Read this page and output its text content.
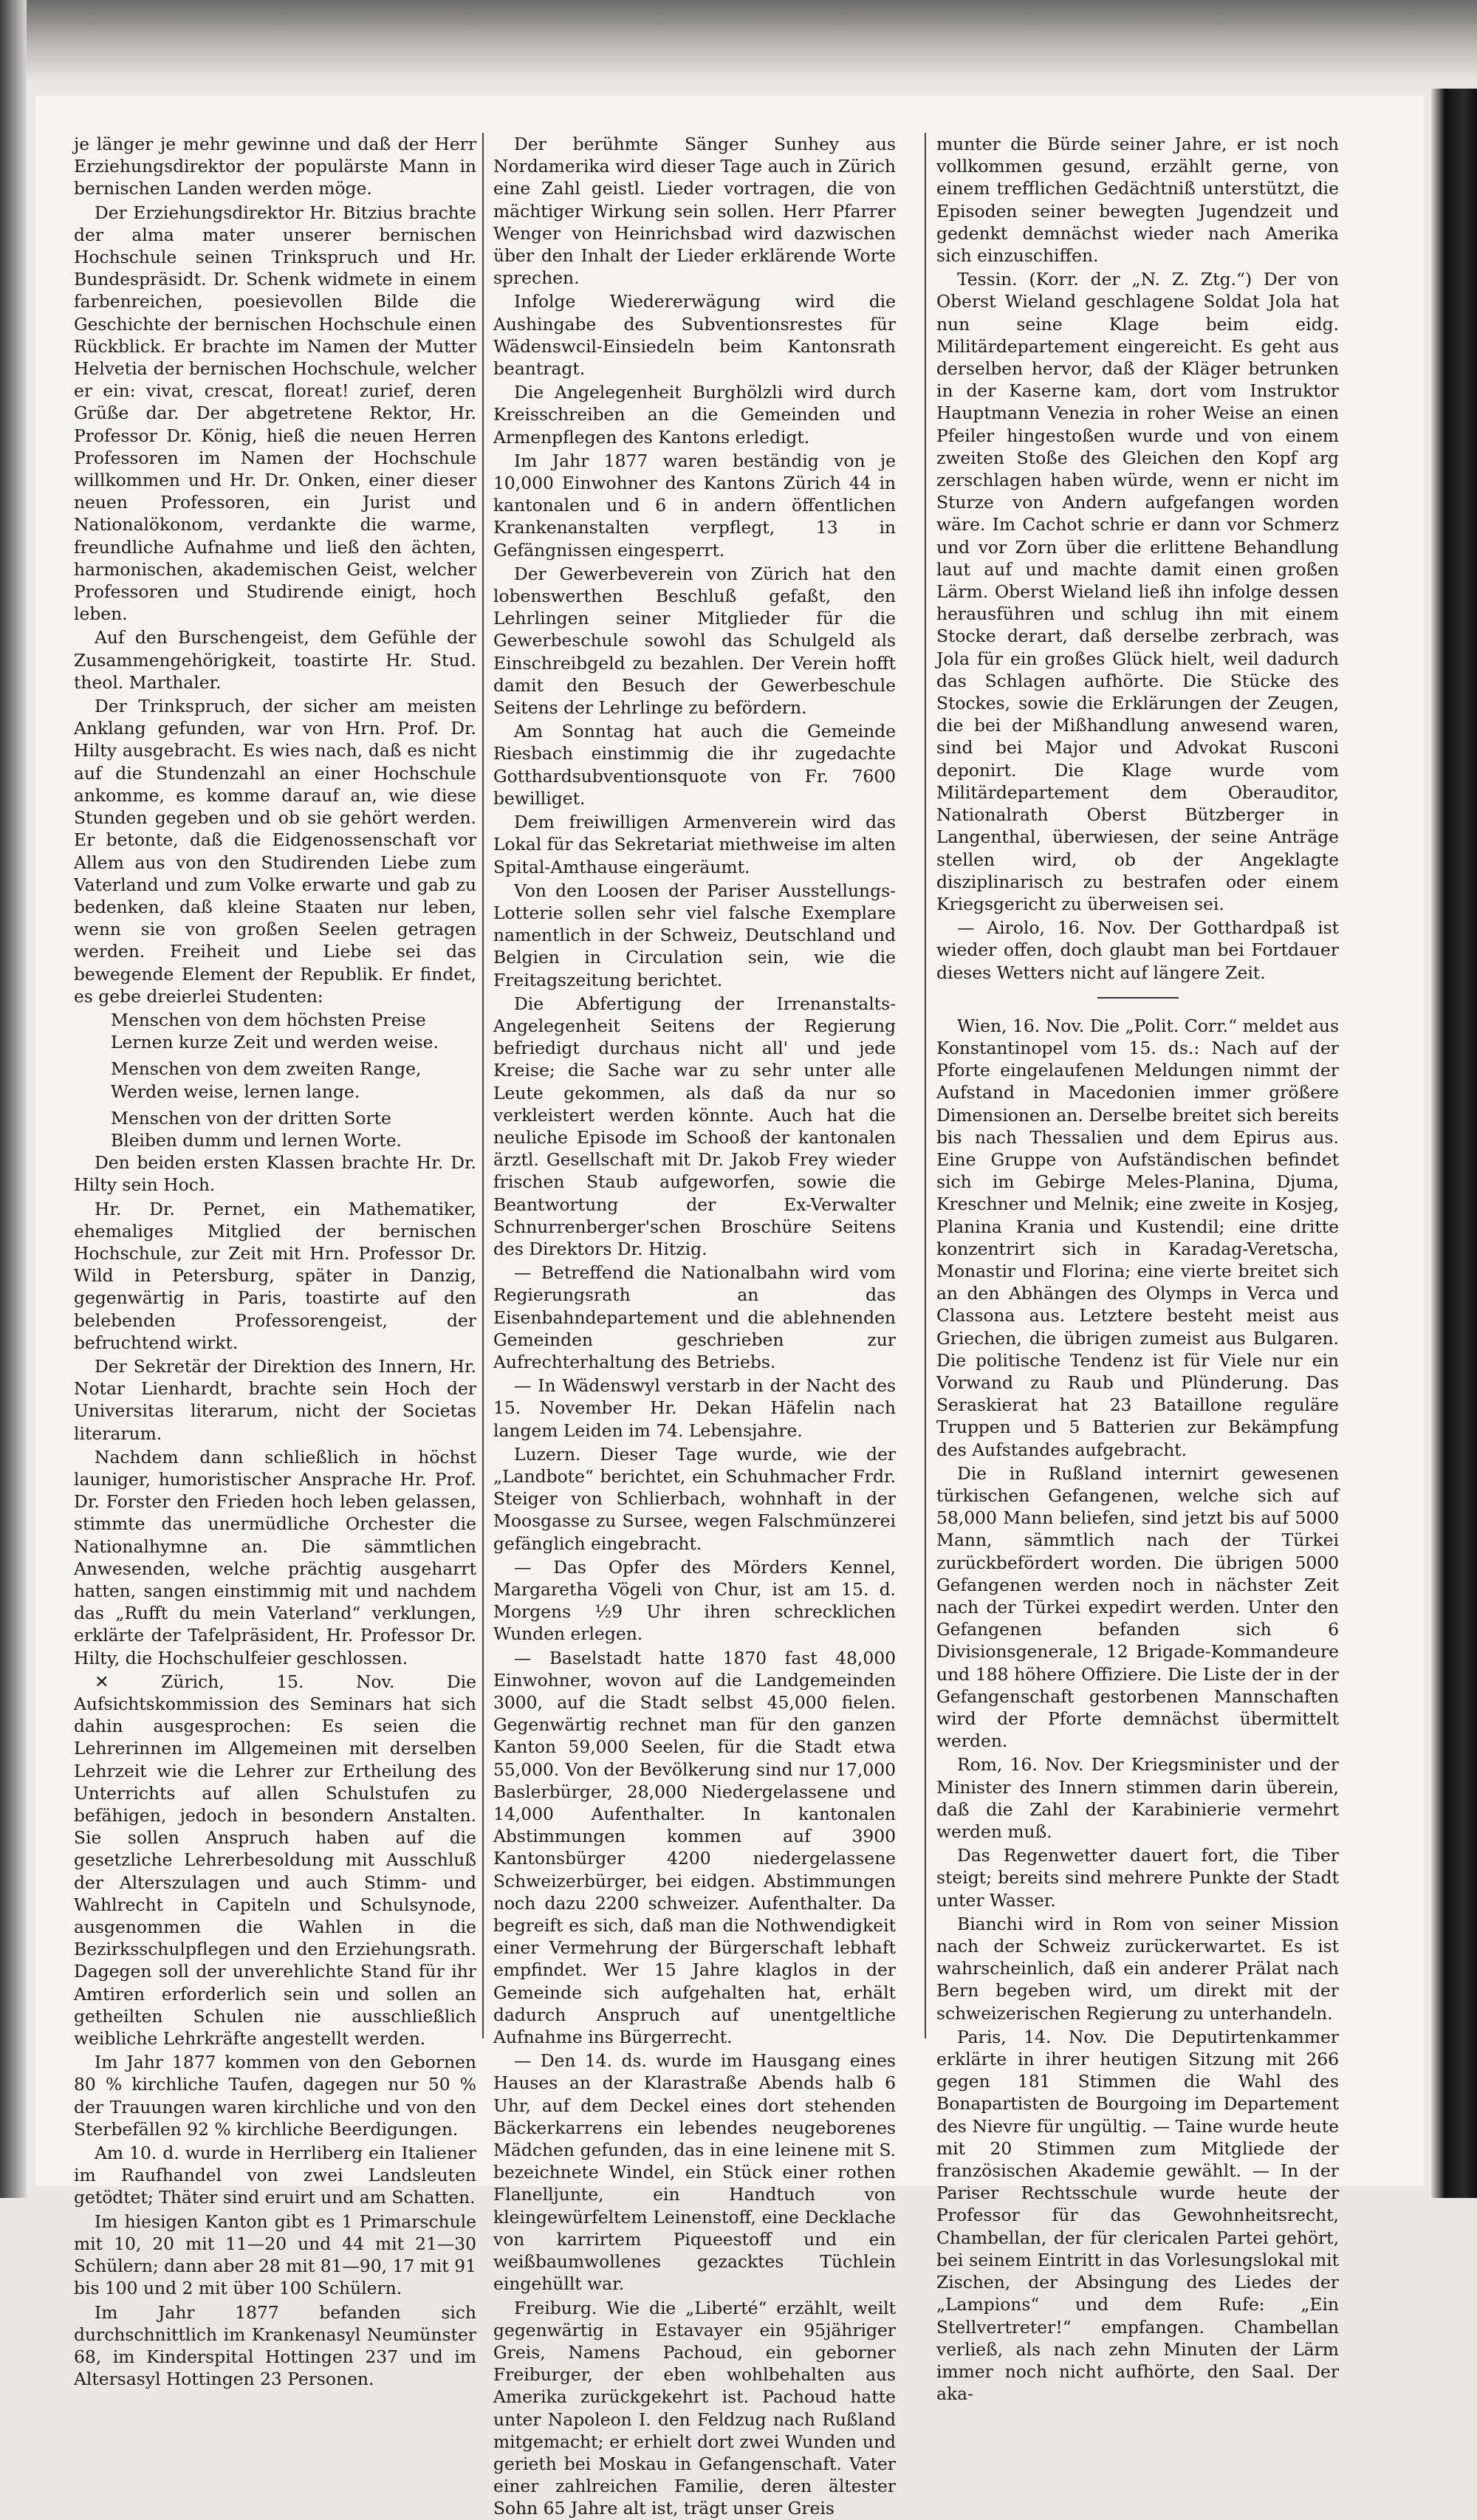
je länger je mehr gewinne und daß der Herr Erziehungsdirektor der populärste Mann in bernischen Landen werden möge.

Der Erziehungsdirektor Hr. Bitzius brachte der alma mater unserer bernischen Hochschule seinen Trinkspruch und Hr. Bundespräsidt. Dr. Schenk widmete in einem farbenreichen, poesievollen Bilde die Geschichte der bernischen Hochschule einen Rückblick. Er brachte im Namen der Mutter Helvetia der bernischen Hochschule, welcher er ein: vivat, crescat, floreat! zurief, deren Grüße dar. Der abgetretene Rektor, Hr. Professor Dr. König, hieß die neuen Herren Professoren im Namen der Hochschule willkommen und Hr. Dr. Onken, einer dieser neuen Professoren, ein Jurist und Nationalökonom, verdankte die warme, freundliche Aufnahme und ließ den ächten, harmonischen, akademischen Geist, welcher Professoren und Studirende einigt, hoch leben.

Auf den Burschengeist, dem Gefühle der Zusammengehörigkeit, toastirte Hr. Stud. theol. Marthaler.

Der Trinkspruch, der sicher am meisten Anklang gefunden, war von Hrn. Prof. Dr. Hilty ausgebracht. Es wies nach, daß es nicht auf die Stundenzahl an einer Hochschule ankomme, es komme darauf an, wie diese Stunden gegeben und ob sie gehört werden. Er betonte, daß die Eidgenossenschaft vor Allem aus von den Studirenden Liebe zum Vaterland und zum Volke erwarte und gab zu bedenken, daß kleine Staaten nur leben, wenn sie von großen Seelen getragen werden. Freiheit und Liebe sei das bewegende Element der Republik. Er findet, es gebe dreierlei Studenten:

Menschen von dem höchsten Preise

Lernen kurze Zeit und werden weise.

Menschen von dem zweiten Range,

Werden weise, lernen lange.

Menschen von der dritten Sorte

Bleiben dumm und lernen Worte.

Den beiden ersten Klassen brachte Hr. Dr. Hilty sein Hoch.

Hr. Dr. Pernet, ein Mathematiker, ehemaliges Mitglied der bernischen Hochschule, zur Zeit mit Hrn. Professor Dr. Wild in Petersburg, später in Danzig, gegenwärtig in Paris, toastirte auf den belebenden Professorengeist, der befruchtend wirkt.

Der Sekretär der Direktion des Innern, Hr. Notar Lienhardt, brachte sein Hoch der Universitas literarum, nicht der Societas literarum.

Nachdem dann schließlich in höchst launiger, humoristischer Ansprache Hr. Prof. Dr. Forster den Frieden hoch leben gelassen, stimmte das unermüdliche Orchester die Nationalhymne an. Die sämmtlichen Anwesenden, welche prächtig ausgeharrt hatten, sangen einstimmig mit und nachdem das „Rufft du mein Vaterland“ verklungen, erklärte der Tafelpräsident, Hr. Professor Dr. Hilty, die Hochschulfeier geschlossen.

✕ Zürich, 15. Nov. Die Aufsichtskommission des Seminars hat sich dahin ausgesprochen: Es seien die Lehrerinnen im Allgemeinen mit derselben Lehrzeit wie die Lehrer zur Ertheilung des Unterrichts auf allen Schulstufen zu befähigen, jedoch in besondern Anstalten. Sie sollen Anspruch haben auf die gesetzliche Lehrerbesoldung mit Ausschluß der Alterszulagen und auch Stimm- und Wahlrecht in Capiteln und Schulsynode, ausgenommen die Wahlen in die Bezirksschulpflegen und den Erziehungsrath. Dagegen soll der unverehlichte Stand für ihr Amtiren erforderlich sein und sollen an getheilten Schulen nie ausschließlich weibliche Lehrkräfte angestellt werden.

Im Jahr 1877 kommen von den Gebornen 80 % kirchliche Taufen, dagegen nur 50 % der Trauungen waren kirchliche und von den Sterbefällen 92 % kirchliche Beerdigungen.

Am 10. d. wurde in Herrliberg ein Italiener im Raufhandel von zwei Landsleuten getödtet; Thäter sind eruirt und am Schatten.

Im hiesigen Kanton gibt es 1 Primarschule mit 10, 20 mit 11—20 und 44 mit 21—30 Schülern; dann aber 28 mit 81—90, 17 mit 91 bis 100 und 2 mit über 100 Schülern.

Im Jahr 1877 befanden sich durchschnittlich im Krankenasyl Neumünster 68, im Kinderspital Hottingen 237 und im Altersasyl Hottingen 23 Personen.

Der berühmte Sänger Sunhey aus Nordamerika wird dieser Tage auch in Zürich eine Zahl geistl. Lieder vortragen, die von mächtiger Wirkung sein sollen. Herr Pfarrer Wenger von Heinrichsbad wird dazwischen über den Inhalt der Lieder erklärende Worte sprechen.

Infolge Wiedererwägung wird die Aushingabe des Subventionsrestes für Wädenswcil-Einsiedeln beim Kantonsrath beantragt.

Die Angelegenheit Burghölzli wird durch Kreisschreiben an die Gemeinden und Armenpflegen des Kantons erledigt.

Im Jahr 1877 waren beständig von je 10,000 Einwohner des Kantons Zürich 44 in kantonalen und 6 in andern öffentlichen Krankenanstalten verpflegt, 13 in Gefängnissen eingesperrt.

Der Gewerbeverein von Zürich hat den lobenswerthen Beschluß gefaßt, den Lehrlingen seiner Mitglieder für die Gewerbeschule sowohl das Schulgeld als Einschreibgeld zu bezahlen. Der Verein hofft damit den Besuch der Gewerbeschule Seitens der Lehrlinge zu befördern.

Am Sonntag hat auch die Gemeinde Riesbach einstimmig die ihr zugedachte Gotthardsubventionsquote von Fr. 7600 bewilliget.

Dem freiwilligen Armenverein wird das Lokal für das Sekretariat miethweise im alten Spital-Amthause eingeräumt.

Von den Loosen der Pariser Ausstellungs-Lotterie sollen sehr viel falsche Exemplare namentlich in der Schweiz, Deutschland und Belgien in Circulation sein, wie die Freitagszeitung berichtet.

Die Abfertigung der Irrenanstalts-Angelegenheit Seitens der Regierung befriedigt durchaus nicht all' und jede Kreise; die Sache war zu sehr unter alle Leute gekommen, als daß da nur so verkleistert werden könnte. Auch hat die neuliche Episode im Schooß der kantonalen ärztl. Gesellschaft mit Dr. Jakob Frey wieder frischen Staub aufgeworfen, sowie die Beantwortung der Ex-Verwalter Schnurrenberger'schen Broschüre Seitens des Direktors Dr. Hitzig.

— Betreffend die Nationalbahn wird vom Regierungsrath an das Eisenbahndepartement und die ablehnenden Gemeinden geschrieben zur Aufrechterhaltung des Betriebs.

— In Wädenswyl verstarb in der Nacht des 15. November Hr. Dekan Häfelin nach langem Leiden im 74. Lebensjahre.

Luzern. Dieser Tage wurde, wie der „Landbote“ berichtet, ein Schuhmacher Frdr. Steiger von Schlierbach, wohnhaft in der Moosgasse zu Sursee, wegen Falschmünzerei gefänglich eingebracht.

— Das Opfer des Mörders Kennel, Margaretha Vögeli von Chur, ist am 15. d. Morgens ½9 Uhr ihren schrecklichen Wunden erlegen.

— Baselstadt hatte 1870 fast 48,000 Einwohner, wovon auf die Landgemeinden 3000, auf die Stadt selbst 45,000 fielen. Gegenwärtig rechnet man für den ganzen Kanton 59,000 Seelen, für die Stadt etwa 55,000. Von der Bevölkerung sind nur 17,000 Baslerbürger, 28,000 Niedergelassene und 14,000 Aufenthalter. In kantonalen Abstimmungen kommen auf 3900 Kantonsbürger 4200 niedergelassene Schweizerbürger, bei eidgen. Abstimmungen noch dazu 2200 schweizer. Aufenthalter. Da begreift es sich, daß man die Nothwendigkeit einer Vermehrung der Bürgerschaft lebhaft empfindet. Wer 15 Jahre klaglos in der Gemeinde sich aufgehalten hat, erhält dadurch Anspruch auf unentgeltliche Aufnahme ins Bürgerrecht.

— Den 14. ds. wurde im Hausgang eines Hauses an der Klarastraße Abends halb 6 Uhr, auf dem Deckel eines dort stehenden Bäckerkarrens ein lebendes neugeborenes Mädchen gefunden, das in eine leinene mit S. bezeichnete Windel, ein Stück einer rothen Flanelljunte, ein Handtuch von kleingewürfeltem Leinenstoff, eine Decklache von karrirtem Piqueestoff und ein weißbaumwollenes gezacktes Tüchlein eingehüllt war.

Freiburg. Wie die „Liberté“ erzählt, weilt gegenwärtig in Estavayer ein 95jähriger Greis, Namens Pachoud, ein geborner Freiburger, der eben wohlbehalten aus Amerika zurückgekehrt ist. Pachoud hatte unter Napoleon I. den Feldzug nach Rußland mitgemacht; er erhielt dort zwei Wunden und gerieth bei Moskau in Gefangenschaft. Vater einer zahlreichen Familie, deren ältester Sohn 65 Jahre alt ist, trägt unser Greis

munter die Bürde seiner Jahre, er ist noch vollkommen gesund, erzählt gerne, von einem trefflichen Gedächtniß unterstützt, die Episoden seiner bewegten Jugendzeit und gedenkt demnächst wieder nach Amerika sich einzuschiffen.

Tessin. (Korr. der „N. Z. Ztg.“) Der von Oberst Wieland geschlagene Soldat Jola hat nun seine Klage beim eidg. Militärdepartement eingereicht. Es geht aus derselben hervor, daß der Kläger betrunken in der Kaserne kam, dort vom Instruktor Hauptmann Venezia in roher Weise an einen Pfeiler hingestoßen wurde und von einem zweiten Stoße des Gleichen den Kopf arg zerschlagen haben würde, wenn er nicht im Sturze von Andern aufgefangen worden wäre. Im Cachot schrie er dann vor Schmerz und vor Zorn über die erlittene Behandlung laut auf und machte damit einen großen Lärm. Oberst Wieland ließ ihn infolge dessen herausführen und schlug ihn mit einem Stocke derart, daß derselbe zerbrach, was Jola für ein großes Glück hielt, weil dadurch das Schlagen aufhörte. Die Stücke des Stockes, sowie die Erklärungen der Zeugen, die bei der Mißhandlung anwesend waren, sind bei Major und Advokat Rusconi deponirt. Die Klage wurde vom Militärdepartement dem Oberauditor, Nationalrath Oberst Bützberger in Langenthal, überwiesen, der seine Anträge stellen wird, ob der Angeklagte disziplinarisch zu bestrafen oder einem Kriegsgericht zu überweisen sei.

— Airolo, 16. Nov. Der Gotthardpaß ist wieder offen, doch glaubt man bei Fortdauer dieses Wetters nicht auf längere Zeit.

Wien, 16. Nov. Die „Polit. Corr.“ meldet aus Konstantinopel vom 15. ds.: Nach auf der Pforte eingelaufenen Meldungen nimmt der Aufstand in Macedonien immer größere Dimensionen an. Derselbe breitet sich bereits bis nach Thessalien und dem Epirus aus. Eine Gruppe von Aufständischen befindet sich im Gebirge Meles-Planina, Djuma, Kreschner und Melnik; eine zweite in Kosjeg, Planina Krania und Kustendil; eine dritte konzentrirt sich in Karadag-Veretscha, Monastir und Florina; eine vierte breitet sich an den Abhängen des Olymps in Verca und Classona aus. Letztere besteht meist aus Griechen, die übrigen zumeist aus Bulgaren. Die politische Tendenz ist für Viele nur ein Vorwand zu Raub und Plünderung. Das Seraskierat hat 23 Bataillone reguläre Truppen und 5 Batterien zur Bekämpfung des Aufstandes aufgebracht.

Die in Rußland internirt gewesenen türkischen Gefangenen, welche sich auf 58,000 Mann beliefen, sind jetzt bis auf 5000 Mann, sämmtlich nach der Türkei zurückbefördert worden. Die übrigen 5000 Gefangenen werden noch in nächster Zeit nach der Türkei expedirt werden. Unter den Gefangenen befanden sich 6 Divisionsgenerale, 12 Brigade-Kommandeure und 188 höhere Offiziere. Die Liste der in der Gefangenschaft gestorbenen Mannschaften wird der Pforte demnächst übermittelt werden.

Rom, 16. Nov. Der Kriegsminister und der Minister des Innern stimmen darin überein, daß die Zahl der Karabinierie vermehrt werden muß.

Das Regenwetter dauert fort, die Tiber steigt; bereits sind mehrere Punkte der Stadt unter Wasser.

Bianchi wird in Rom von seiner Mission nach der Schweiz zurückerwartet. Es ist wahrscheinlich, daß ein anderer Prälat nach Bern begeben wird, um direkt mit der schweizerischen Regierung zu unterhandeln.

Paris, 14. Nov. Die Deputirtenkammer erklärte in ihrer heutigen Sitzung mit 266 gegen 181 Stimmen die Wahl des Bonapartisten de Bourgoing im Departement des Nievre für ungültig. — Taine wurde heute mit 20 Stimmen zum Mitgliede der französischen Akademie gewählt. — In der Pariser Rechtsschule wurde heute der Professor für das Gewohnheitsrecht, Chambellan, der für clericalen Partei gehört, bei seinem Eintritt in das Vorlesungslokal mit Zischen, der Absingung des Liedes der „Lampions“ und dem Rufe: „Ein Stellvertreter!“ empfangen. Chambellan verließ, als nach zehn Minuten der Lärm immer noch nicht aufhörte, den Saal. Der aka-
